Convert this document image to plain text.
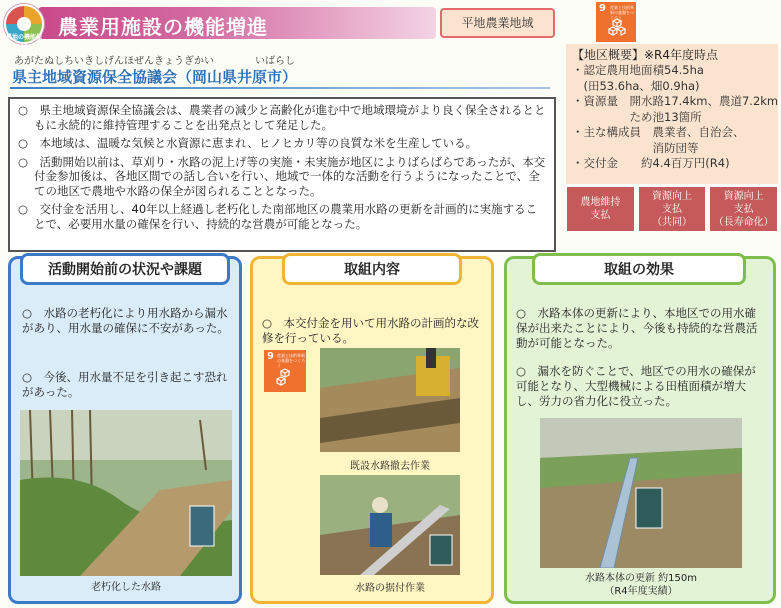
農業用施設の機能増進
農地の機能保全
平地農業地域
9 産業と技術革新の基盤をつくろう
あがたぬしちいきしげんほぜんきょうぎかい	いばらし
県主地域資源保全協議会（岡山県井原市）

○　県主地域資源保全協議会は、農業者の減少と高齢化が進む中で地域環境がより良く保全されるとともに永続的に維持管理することを出発点として発足した。

○　本地域は、温暖な気候と水資源に恵まれ、ヒノヒカリ等の良質な米を生産している。

○　活動開始以前は、草刈り・水路の泥上げ等の実施・未実施が地区によりばらばらであったが、本交付金参加後は、各地区間での話し合いを行い、地域で一体的な活動を行うようになったことで、全ての地区で農地や水路の保全が図られることとなった。

○　交付金を活用し、40年以上経過し老朽化した南部地区の農業用水路の更新を計画的に実施することで、必要用水量の確保を行い、持続的な営農が可能となった。

【地区概要】※R4年度時点
・認定農用地面積54.5ha
　(田53.6ha、畑0.9ha)
・資源量　開水路17.4km、農道7.2km
　　　　　ため池13箇所
・主な構成員　農業者、自治会、
　　　　　　　消防団等
・交付金　　約4.4百万円(R4)
農地維持
支払
資源向上
支払
（共同）
資源向上
支払
（長寿命化）
活動開始前の状況や課題	取組内容	取組の効果
○　水路の老朽化により用水路から漏水があり、用水量の確保に不安があった。
○　今後、用水量不足を引き起こす恐れがあった。
老朽化した水路
○　本交付金を用いて用水路の計画的な改修を行っている。
9 産業と技術革新の基盤をつくろう
既設水路撤去作業
水路の据付作業
○　水路本体の更新により、本地区での用水確保が出来たことにより、今後も持続的な営農活動が可能となった。
○　漏水を防ぐことで、地区での用水の確保が可能となり、大型機械による田植面積が増大し、労力の省力化に役立った。
水路本体の更新 約150m
（R4年度実績）
